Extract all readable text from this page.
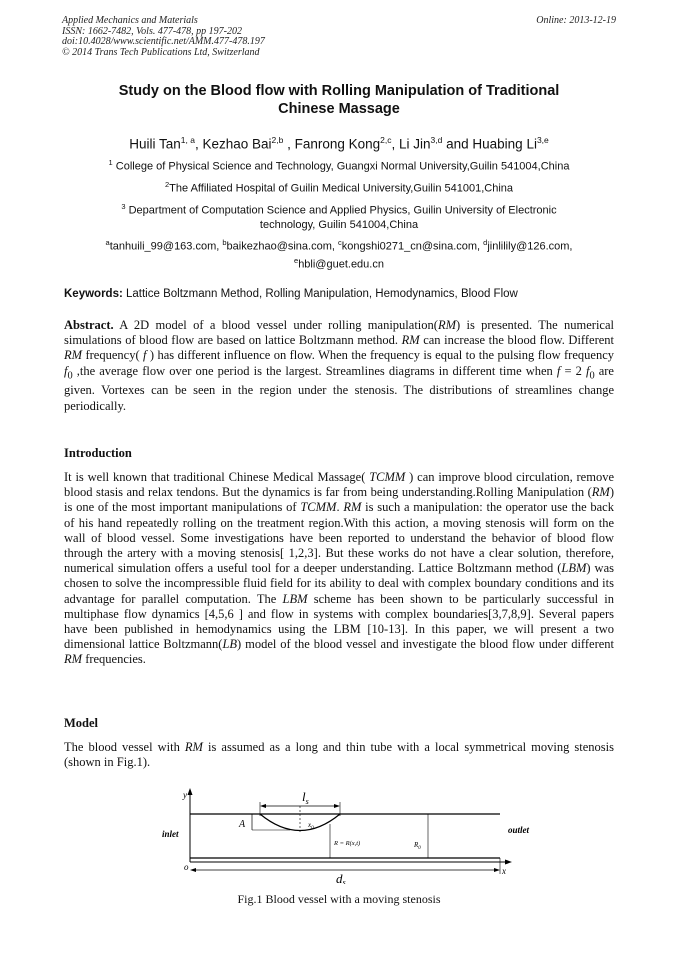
Applied Mechanics and Materials
ISSN: 1662-7482, Vols. 477-478, pp 197-202
doi:10.4028/www.scientific.net/AMM.477-478.197
© 2014 Trans Tech Publications Ltd, Switzerland
Online: 2013-12-19
Study on the Blood flow with Rolling Manipulation of Traditional
Chinese Massage
Huili Tan$^{1, a}$, Kezhao Bai$^{2,b}$ , Fanrong Kong$^{2,c}$, Li Jin$^{3,d}$ and Huabing Li$^{3,e}$
$^1$ College of Physical Science and Technology, Guangxi Normal University,Guilin 541004,China
$^2$The Affiliated Hospital of Guilin Medical University,Guilin 541001,China
$^3$ Department of Computation Science and Applied Physics, Guilin University of Electronic
technology, Guilin 541004,China
$^a$tanhuili_99@163.com, $^b$baikezhao@sina.com, $^c$kongshi0271_cn@sina.com, $^d$jinlilily@126.com,
$^e$hbli@guet.edu.cn
Keywords: Lattice Boltzmann Method, Rolling Manipulation, Hemodynamics, Blood Flow
Abstract. A 2D model of a blood vessel under rolling manipulation(RM) is presented. The numerical simulations of blood flow are based on lattice Boltzmann method. RM can increase the blood flow. Different RM frequency( f ) has different influence on flow. When the frequency is equal to the pulsing flow frequency $f_0$ ,the average flow over one period is the largest. Streamlines diagrams in different time when f = 2 $f_0$ are given. Vortexes can be seen in the region under the stenosis. The distributions of streamlines change periodically.
Introduction
It is well known that traditional Chinese Medical Massage( TCMM ) can improve blood circulation, remove blood stasis and relax tendons. But the dynamics is far from being understanding.Rolling Manipulation (RM) is one of the most important manipulations of TCMM. RM is such a manipulation: the operator use the back of his hand repeatedly rolling on the treatment region.With this action, a moving stenosis will form on the wall of blood vessel. Some investigations have been reported to understand the behavior of blood flow through the artery with a moving stenosis[ 1,2,3]. But these works do not have a clear solution, therefore, numerical simulation offers a useful tool for a deeper understanding. Lattice Boltzmann method (LBM) was chosen to solve the incompressible fluid field for its ability to deal with complex boundary conditions and its advantage for parallel computation. The LBM scheme has been shown to be particularly successful in multiphase flow dynamics [4,5,6 ] and flow in systems with complex boundaries[3,7,8,9]. Several papers have been published in hemodynamics using the LBM [10-13]. In this paper, we will present a two dimensional lattice Boltzmann(LB) model of the blood vessel and investigate the blood flow under different RM frequencies.
Model
The blood vessel with RM is assumed as a long and thin tube with a local symmetrical moving stenosis (shown in Fig.1).
y
x
o
inlet	outlet
$l_s$
A	$x_0$
R = R(x,t)	$R_0$
ds
Fig.1 Blood vessel with a moving stenosis
